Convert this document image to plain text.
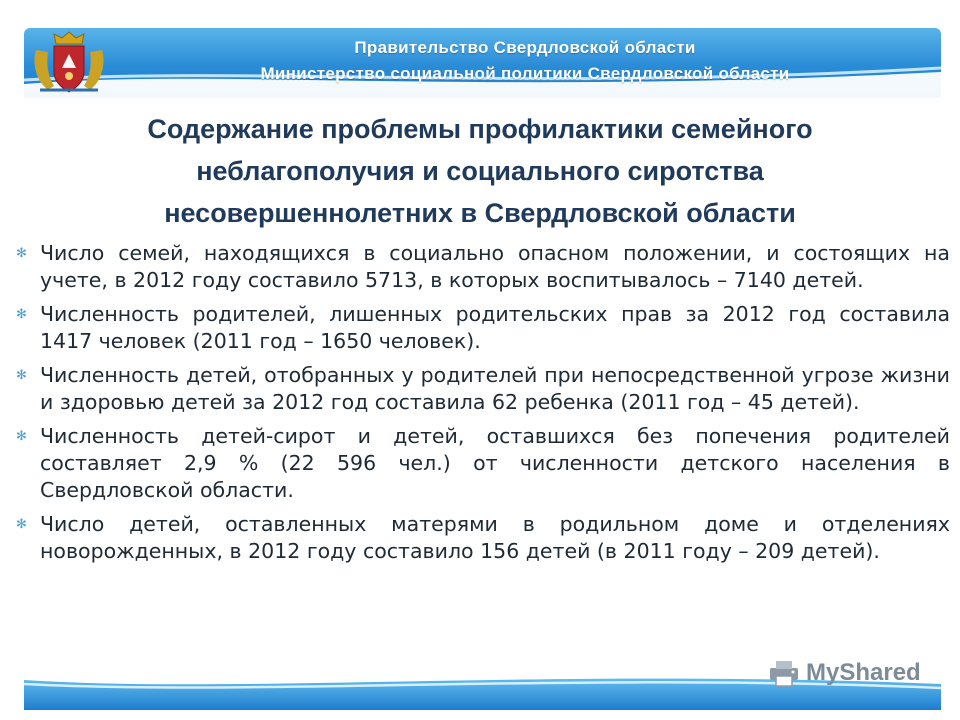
Правительство Свердловской области
Министерство социальной политики Свердловской области
Содержание проблемы профилактики семейного
неблагополучия и социального сиротства
несовершеннолетних в Свердловской области
✻ Число семей, находящихся в социально опасном положении, и состоящих на учете, в 2012 году составило 5713, в которых воспитывалось – 7140 детей.
✻ Численность родителей, лишенных родительских прав за 2012 год составила 1417 человек (2011 год – 1650 человек).
✻ Численность детей, отобранных у родителей при непосредственной угрозе жизни и здоровью детей за 2012 год составила 62 ребенка (2011 год – 45 детей).
✻ Численность детей-сирот и детей, оставшихся без попечения родителей составляет 2,9 % (22 596 чел.) от численности детского населения в Свердловской области.
✻ Число детей, оставленных матерями в родильном доме и отделениях новорожденных, в 2012 году составило 156 детей (в 2011 году – 209 детей).
MyShared
